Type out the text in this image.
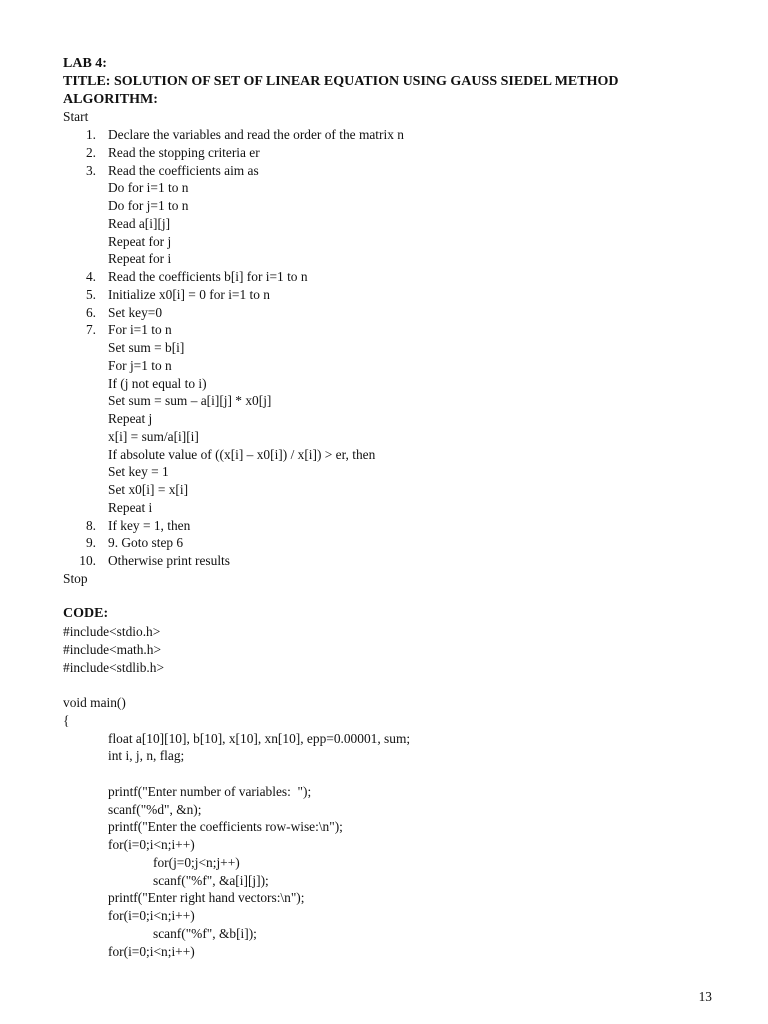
LAB 4:
TITLE: SOLUTION OF SET OF LINEAR EQUATION USING GAUSS SIEDEL METHOD
ALGORITHM:
Start
1. Declare the variables and read the order of the matrix n
2. Read the stopping criteria er
3. Read the coefficients aim as
Do for i=1 to n
Do for j=1 to n
Read a[i][j]
Repeat for j
Repeat for i
4. Read the coefficients b[i] for i=1 to n
5. Initialize x0[i] = 0 for i=1 to n
6. Set key=0
7. For i=1 to n
Set sum = b[i]
For j=1 to n
If (j not equal to i)
Set sum = sum – a[i][j] * x0[j]
Repeat j
x[i] = sum/a[i][i]
If absolute value of ((x[i] – x0[i]) / x[i]) > er, then
Set key = 1
Set x0[i] = x[i]
Repeat i
8. If key = 1, then
9. 9. Goto step 6
10. Otherwise print results
Stop
CODE:
#include<stdio.h>
#include<math.h>
#include<stdlib.h>
void main()
{
float a[10][10], b[10], x[10], xn[10], epp=0.00001, sum;
int i, j, n, flag;
printf("Enter number of variables:  ");
scanf("%d", &n);
printf("Enter the coefficients row-wise:\n");
for(i=0;i<n;i++)
for(j=0;j<n;j++)
scanf("%f", &a[i][j]);
printf("Enter right hand vectors:\n");
for(i=0;i<n;i++)
scanf("%f", &b[i]);
for(i=0;i<n;i++)
13
